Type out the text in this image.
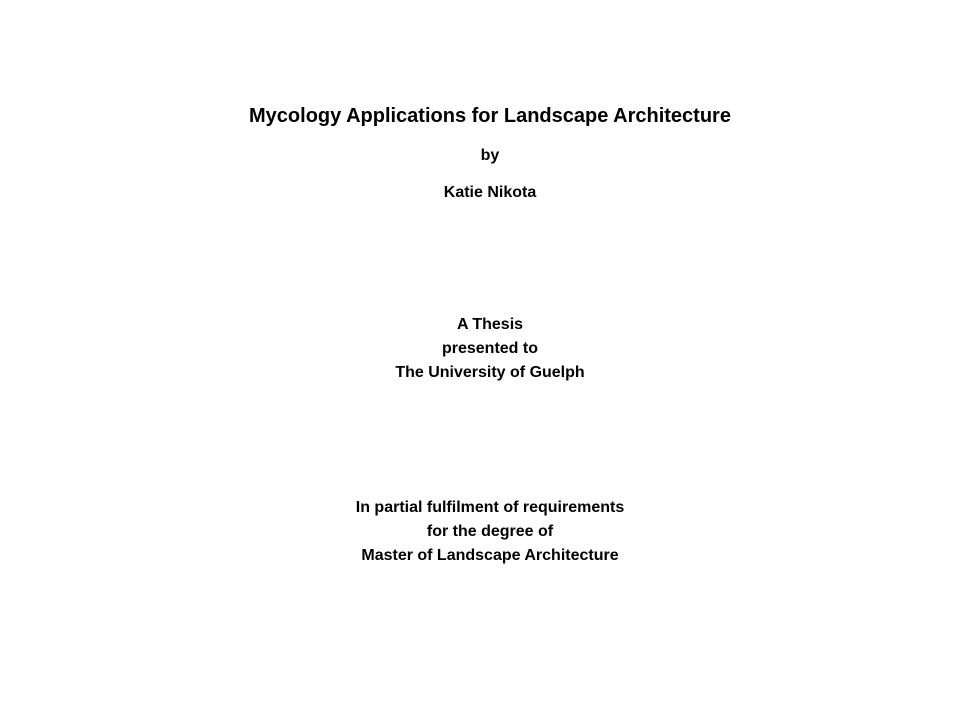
Mycology Applications for Landscape Architecture
by
Katie Nikota
A Thesis
presented to
The University of Guelph
In partial fulfilment of requirements
for the degree of
Master of Landscape Architecture
